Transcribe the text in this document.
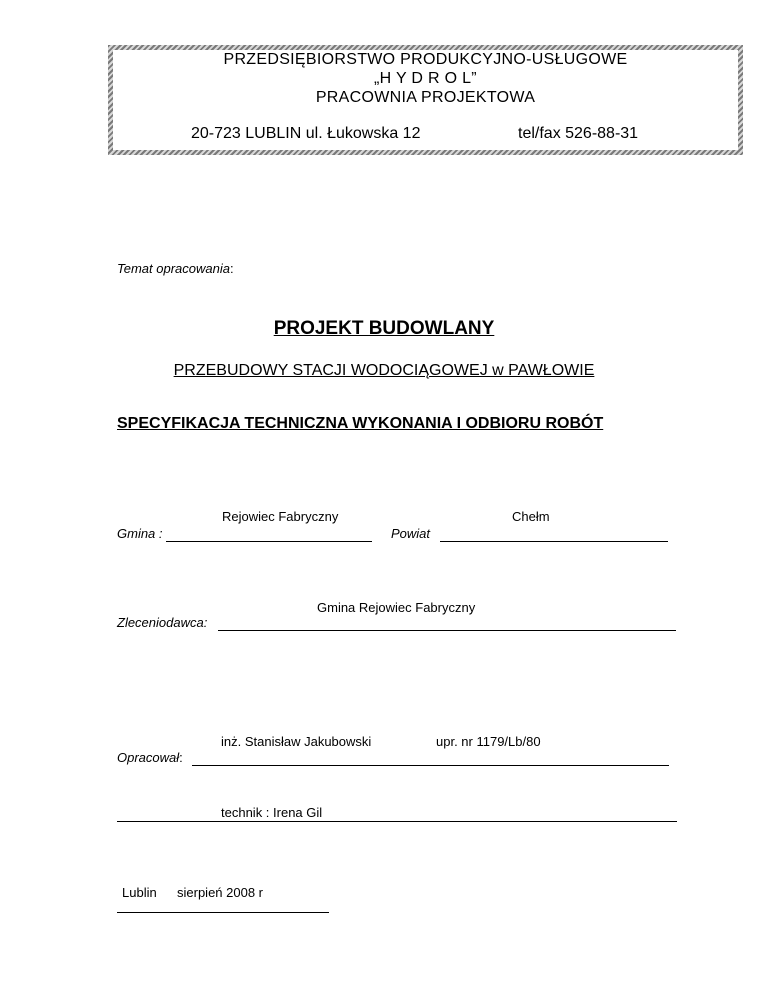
PRZEDSIĘBIORSTWO PRODUKCYJNO-USŁUGOWE
„H Y D R O L”
PRACOWNIA PROJEKTOWA
20-723 LUBLIN ul. Łukowska 12	tel/fax 526-88-31
Temat opracowania:
PROJEKT BUDOWLANY
PRZEBUDOWY STACJI WODOCIĄGOWEJ w PAWŁOWIE
SPECYFIKACJA TECHNICZNA WYKONANIA I ODBIORU ROBÓT
Rejowiec Fabryczny
Gmina :
Chełm
Powiat
Gmina Rejowiec Fabryczny
Zleceniodawca:
inż. Stanisław Jakubowski	upr. nr 1179/Lb/80
Opracował:
technik : Irena Gil
Lublin sierpień 2008 r
